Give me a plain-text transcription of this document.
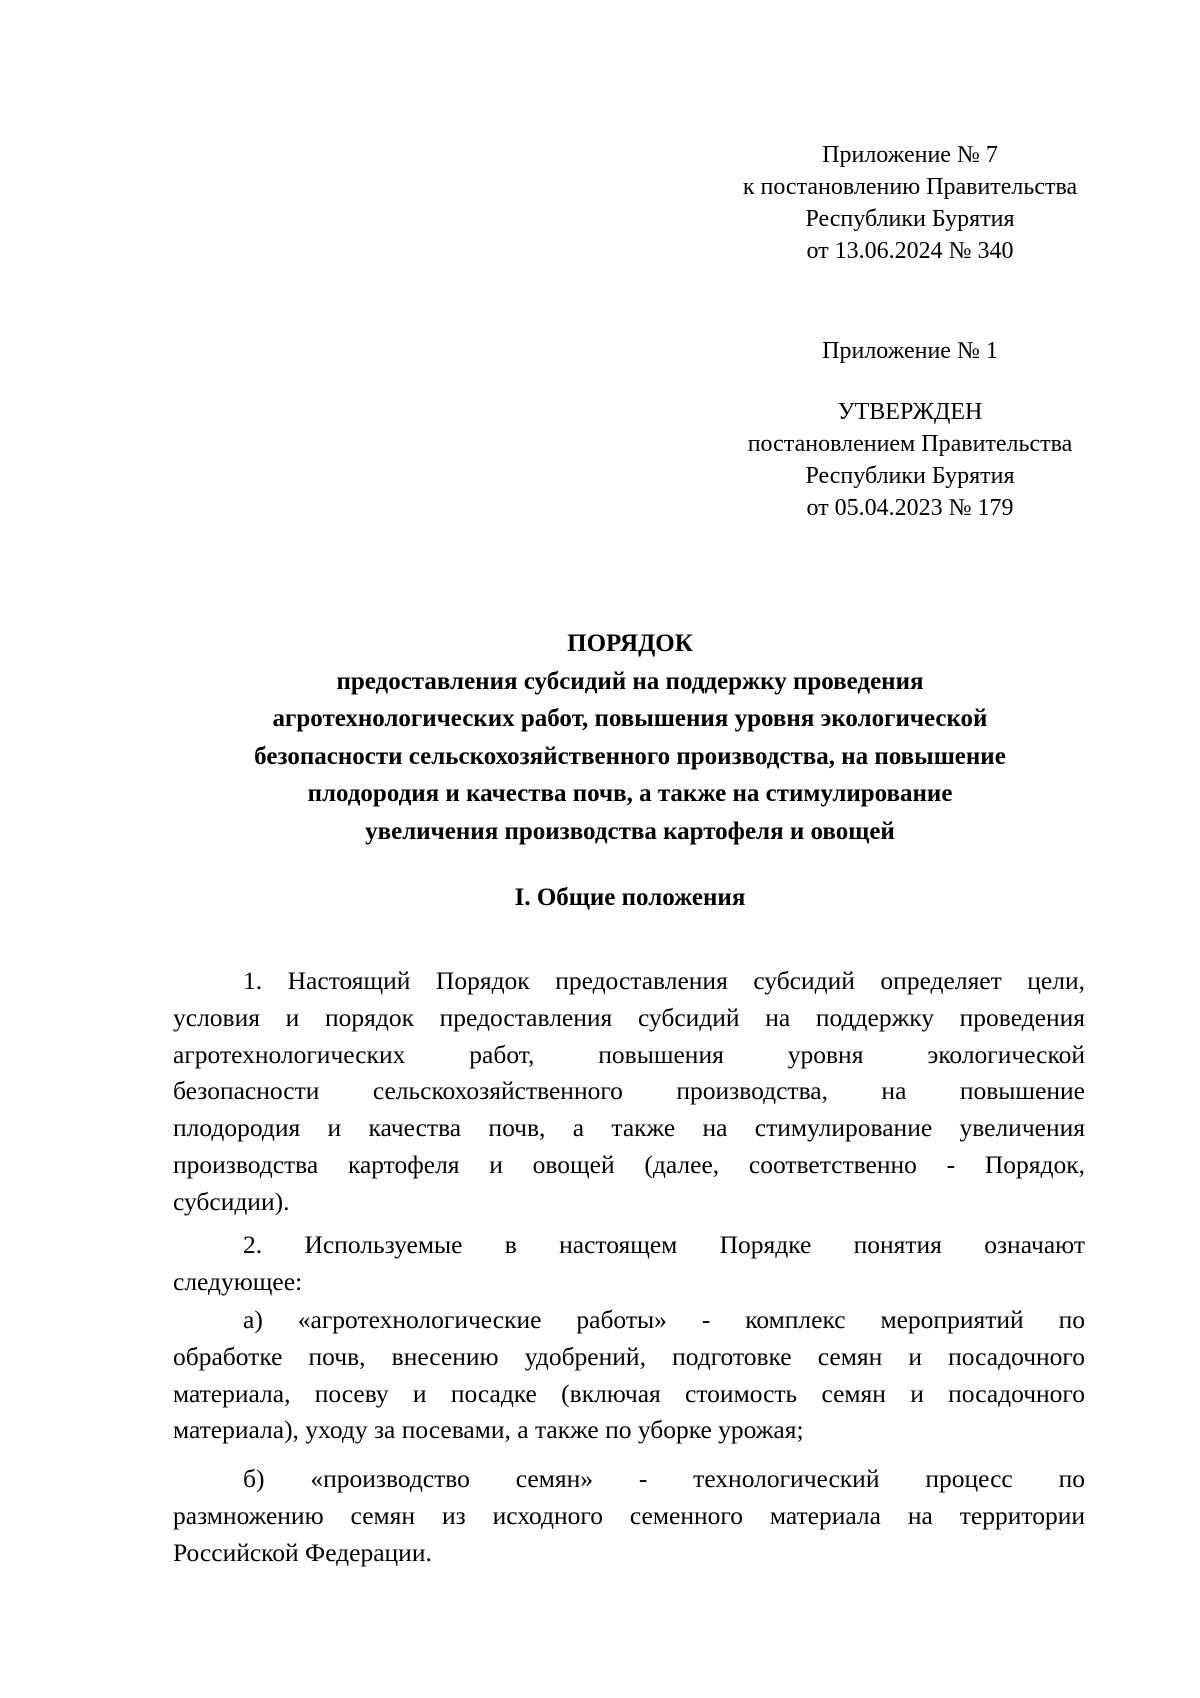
Приложение № 7
к постановлению Правительства
Республики Бурятия
от 13.06.2024 № 340
Приложение № 1
УТВЕРЖДЕН
постановлением Правительства
Республики Бурятия
от 05.04.2023 № 179
ПОРЯДОК
предоставления субсидий на поддержку проведения
агротехнологических работ, повышения уровня экологической
безопасности сельскохозяйственного производства, на повышение
плодородия и качества почв, а также на стимулирование
увеличения производства картофеля и овощей
I. Общие положения
1. Настоящий Порядок предоставления субсидий определяет цели,
условия и порядок предоставления субсидий на поддержку проведения
агротехнологических работ, повышения уровня экологической
безопасности сельскохозяйственного производства, на повышение
плодородия и качества почв, а также на стимулирование увеличения
производства картофеля и овощей (далее, соответственно - Порядок,
субсидии).
2. Используемые в настоящем Порядке понятия означают
следующее:
а) «агротехнологические работы» - комплекс мероприятий по
обработке почв, внесению удобрений, подготовке семян и посадочного
материала, посеву и посадке (включая стоимость семян и посадочного
материала), уходу за посевами, а также по уборке урожая;
б) «производство семян» - технологический процесс по
размножению семян из исходного семенного материала на территории
Российской Федерации.
